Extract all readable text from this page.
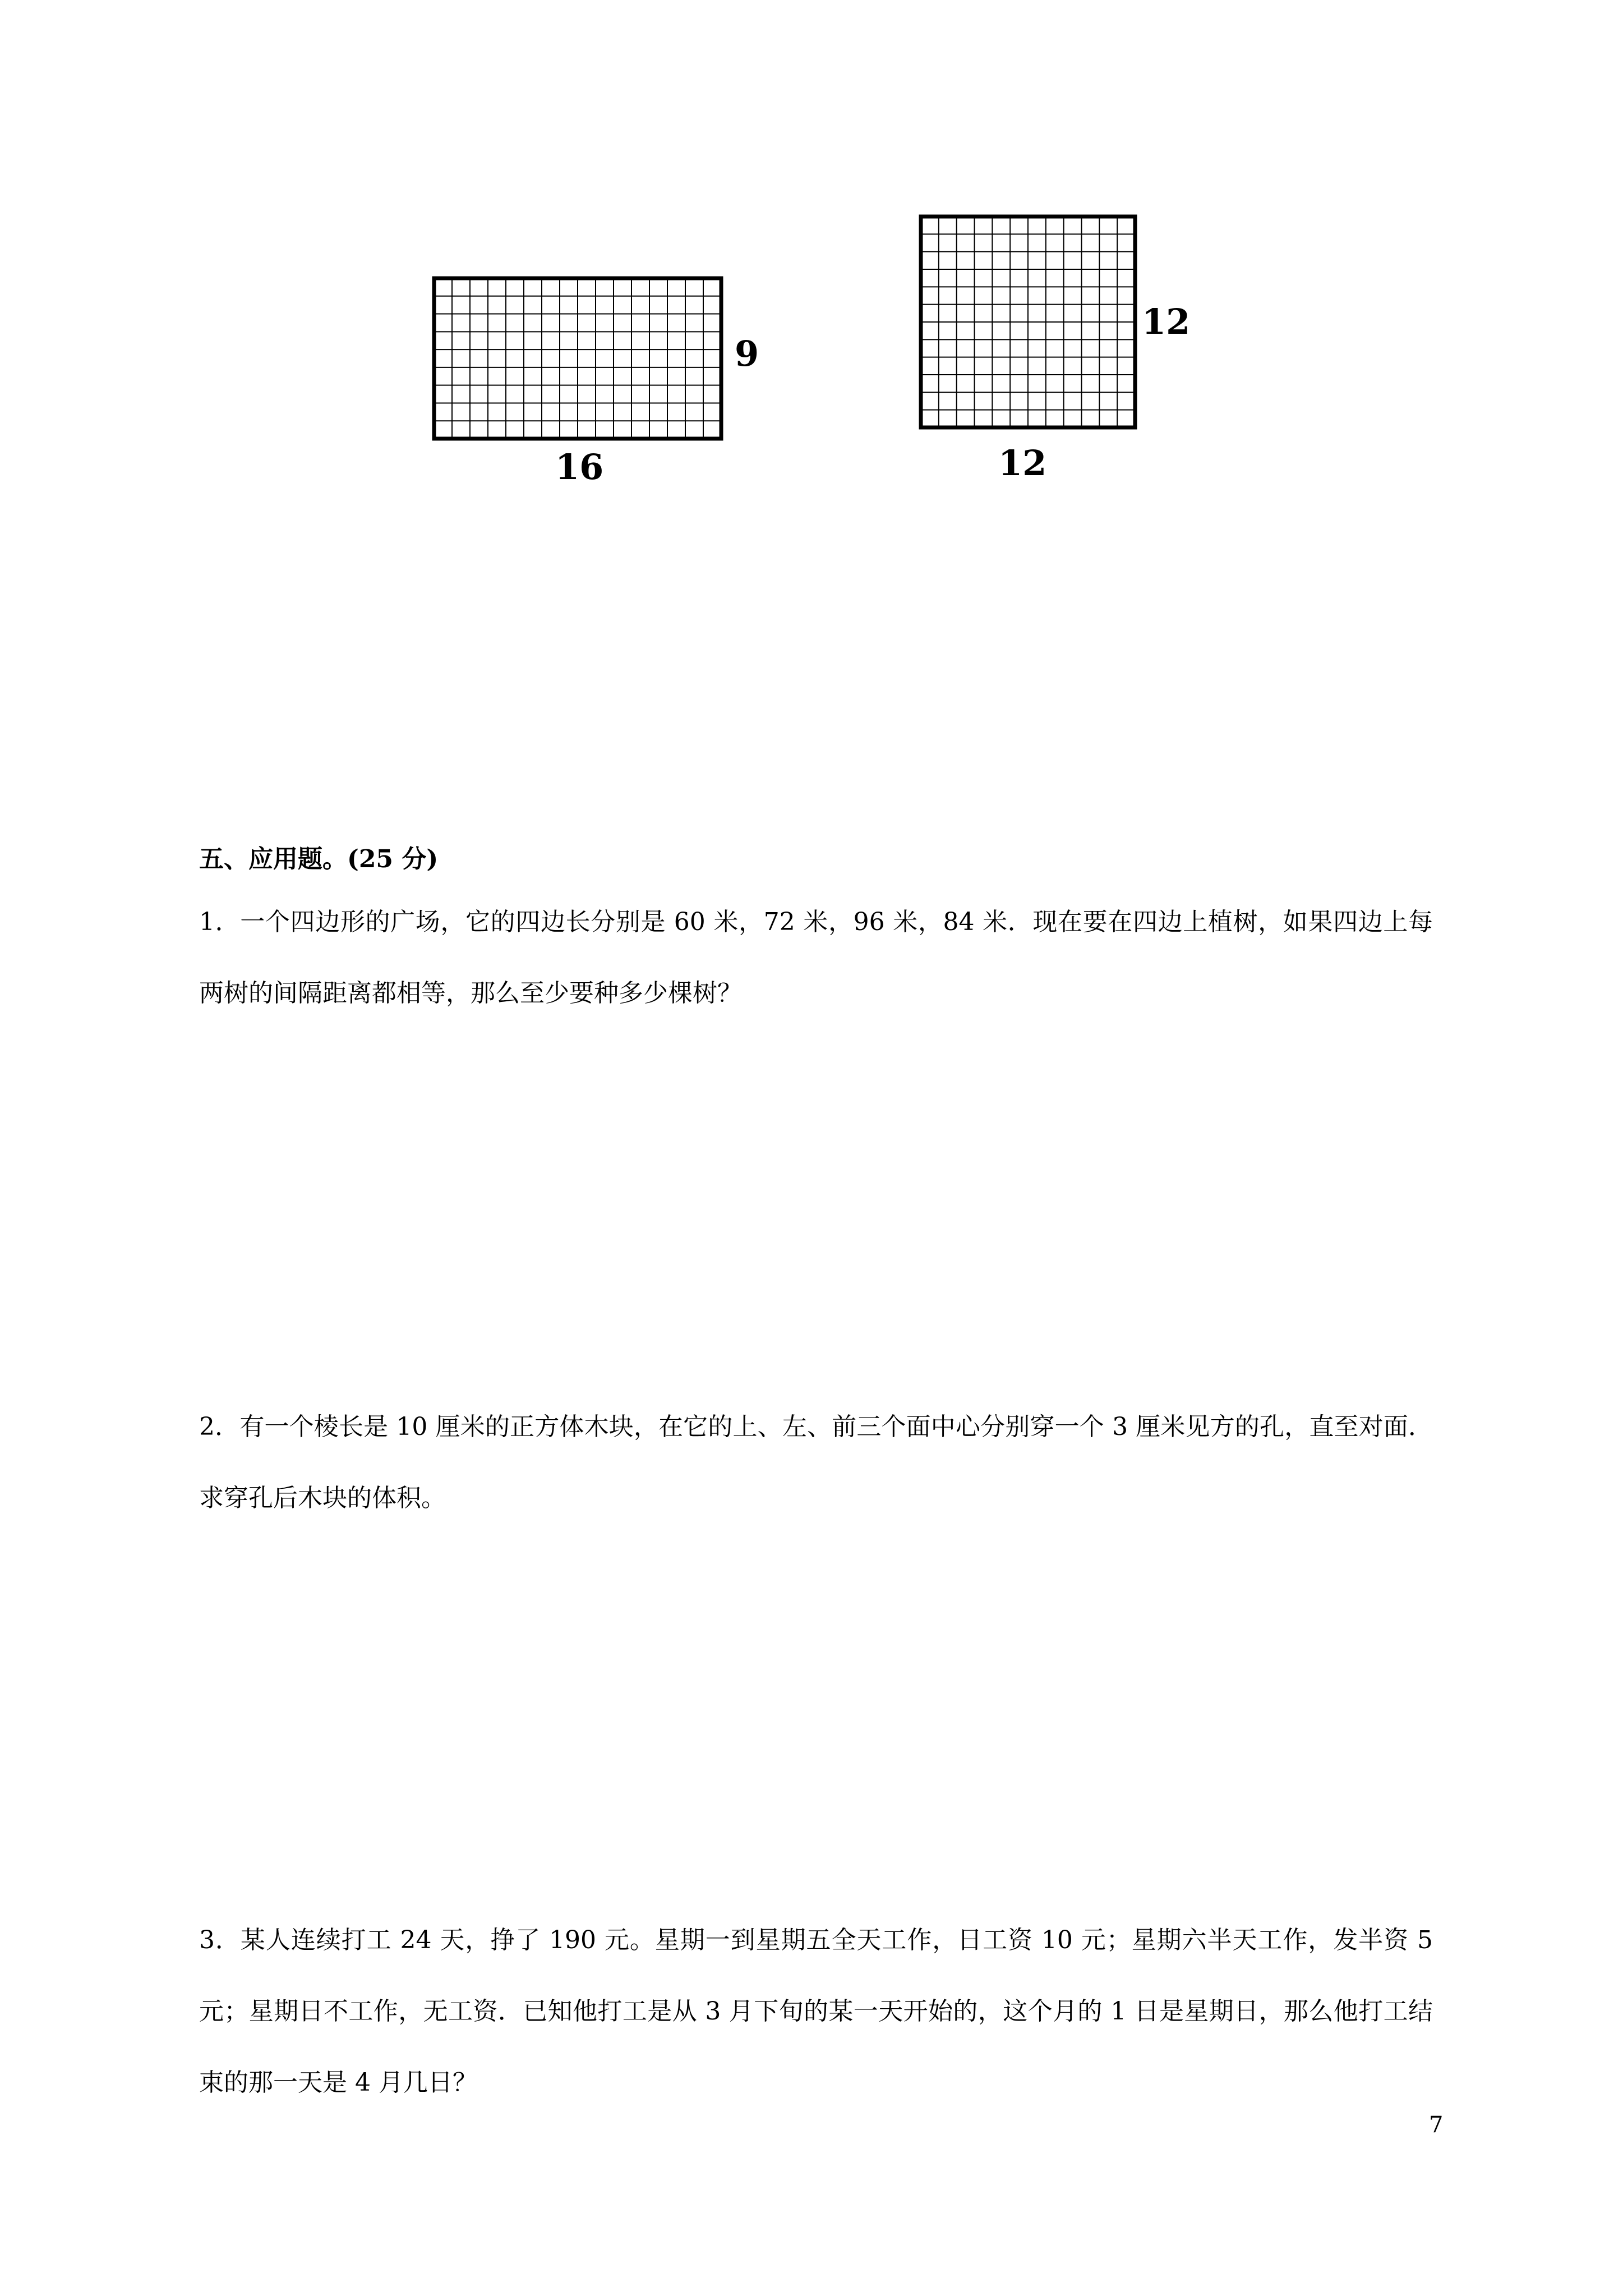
9
16
12
12
五、应用题。(25 分)
1．一个四边形的广场，它的四边长分别是 60 米，72 米，96 米，84 米．现在要在四边上植树，如果四边上每两树的间隔距离都相等，那么至少要种多少棵树？
2．有一个棱长是 10 厘米的正方体木块，在它的上、左、前三个面中心分别穿一个 3 厘米见方的孔，直至对面．求穿孔后木块的体积。
3．某人连续打工 24 天，挣了 190 元。星期一到星期五全天工作，日工资 10 元；星期六半天工作，发半资 5 元；星期日不工作，无工资．已知他打工是从 3 月下旬的某一天开始的，这个月的 1 日是星期日，那么他打工结束的那一天是 4 月几日？
7
